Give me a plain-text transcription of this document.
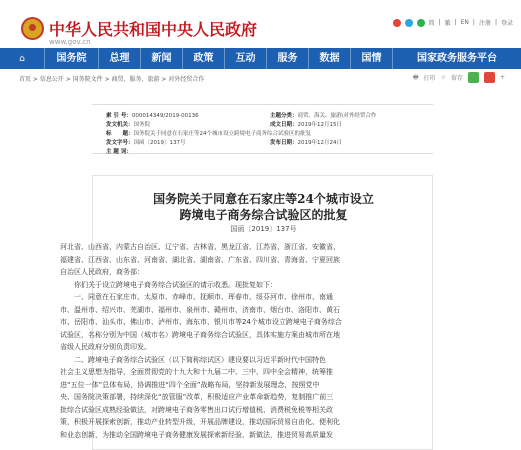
中华人民共和国中央人民政府
www.gov.cn
简 | 繁 | EN | 注册 | 登录
⌂	国务院	总理	新闻	政策	互动	服务	数据	国情	国家政务服务平台
首页 > 信息公开 > 国务院文件 > 商贸、服务、旅游 > 对外经贸合作	🖶 打印 ☆ 留存	+
索 引 号：000014349/2019-00136	主题分类：商贸、海关、旅游\对外经贸合作
发文机关：国务院	成文日期：2019年12月15日
标　　题：国务院关于同意在石家庄等24个城市设立跨境电子商务综合试验区的批复
发文字号：国函〔2019〕137号	发布日期：2019年12月24日
主 题 词：
国务院关于同意在石家庄等24个城市设立
跨境电子商务综合试验区的批复
国函〔2019〕137号

河北省、山西省、内蒙古自治区、辽宁省、吉林省、黑龙江省、江苏省、浙江省、安徽省、

福建省、江西省、山东省、河南省、湖北省、湖南省、广东省、四川省、青海省、宁夏回族

自治区人民政府，商务部：

你们关于设立跨境电子商务综合试验区的请示收悉。现批复如下：

一、同意在石家庄市、太原市、赤峰市、抚顺市、珲春市、绥芬河市、徐州市、南通

市、温州市、绍兴市、芜湖市、福州市、泉州市、赣州市、济南市、烟台市、洛阳市、黄石

市、岳阳市、汕头市、佛山市、泸州市、海东市、银川市等24个城市设立跨境电子商务综合

试验区，名称分别为中国（城市名）跨境电子商务综合试验区，具体实施方案由城市所在地

省级人民政府分别负责印发。

二、跨境电子商务综合试验区（以下简称综试区）建设要以习近平新时代中国特色

社会主义思想为指导，全面贯彻党的十九大和十九届二中、三中、四中全会精神，统筹推

进“五位一体”总体布局，协调推进“四个全面”战略布局，坚持新发展理念，按照党中

央、国务院决策部署，持续深化“放管服”改革，积极适应产业革命新趋势，复制推广前三

批综合试验区成熟经验做法，对跨境电子商务零售出口试行增值税、消费税免税等相关政

策，积极开展探索创新，推动产业转型升级，开展品牌建设，推动国际贸易自由化、便利化

和业态创新，为推动全国跨境电子商务健康发展探索新经验、新做法，推进贸易高质量发
